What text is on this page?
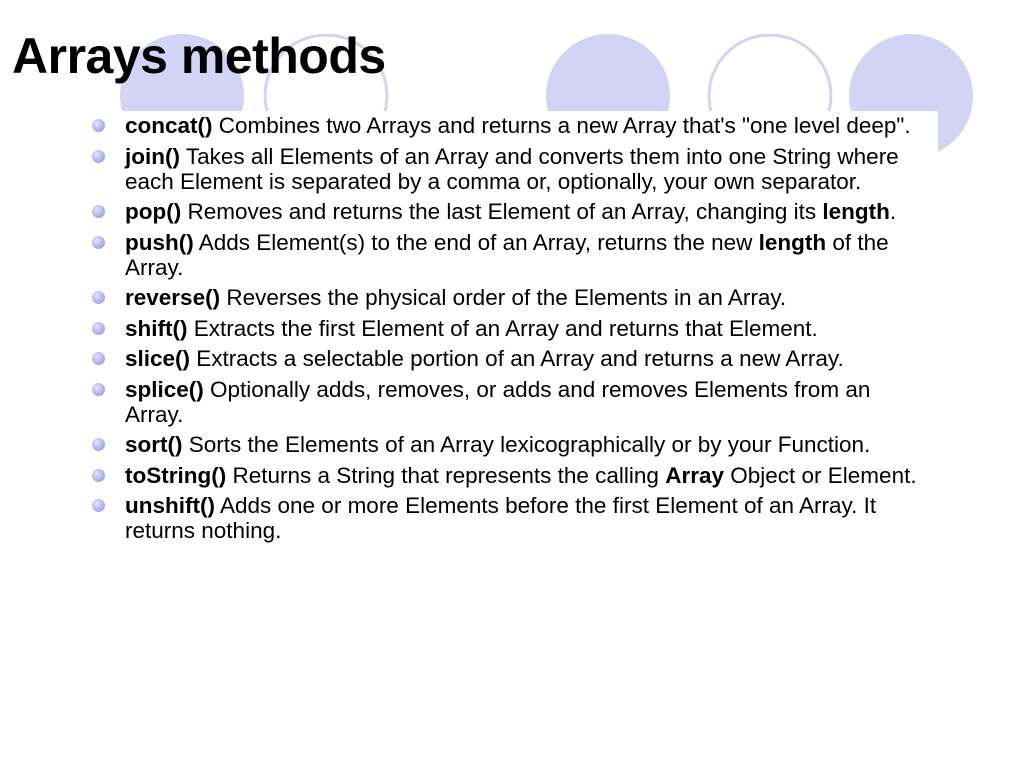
Arrays methods
concat() Combines two Arrays and returns a new Array that's "one level deep".
join() Takes all Elements of an Array and converts them into one String where each Element is separated by a comma or, optionally, your own separator.
pop() Removes and returns the last Element of an Array, changing its length.
push() Adds Element(s) to the end of an Array, returns the new length of the Array.
reverse() Reverses the physical order of the Elements in an Array.
shift() Extracts the first Element of an Array and returns that Element.
slice() Extracts a selectable portion of an Array and returns a new Array.
splice() Optionally adds, removes, or adds and removes Elements from an Array.
sort() Sorts the Elements of an Array lexicographically or by your Function.
toString() Returns a String that represents the calling Array Object or Element.
unshift() Adds one or more Elements before the first Element of an Array. It returns nothing.
